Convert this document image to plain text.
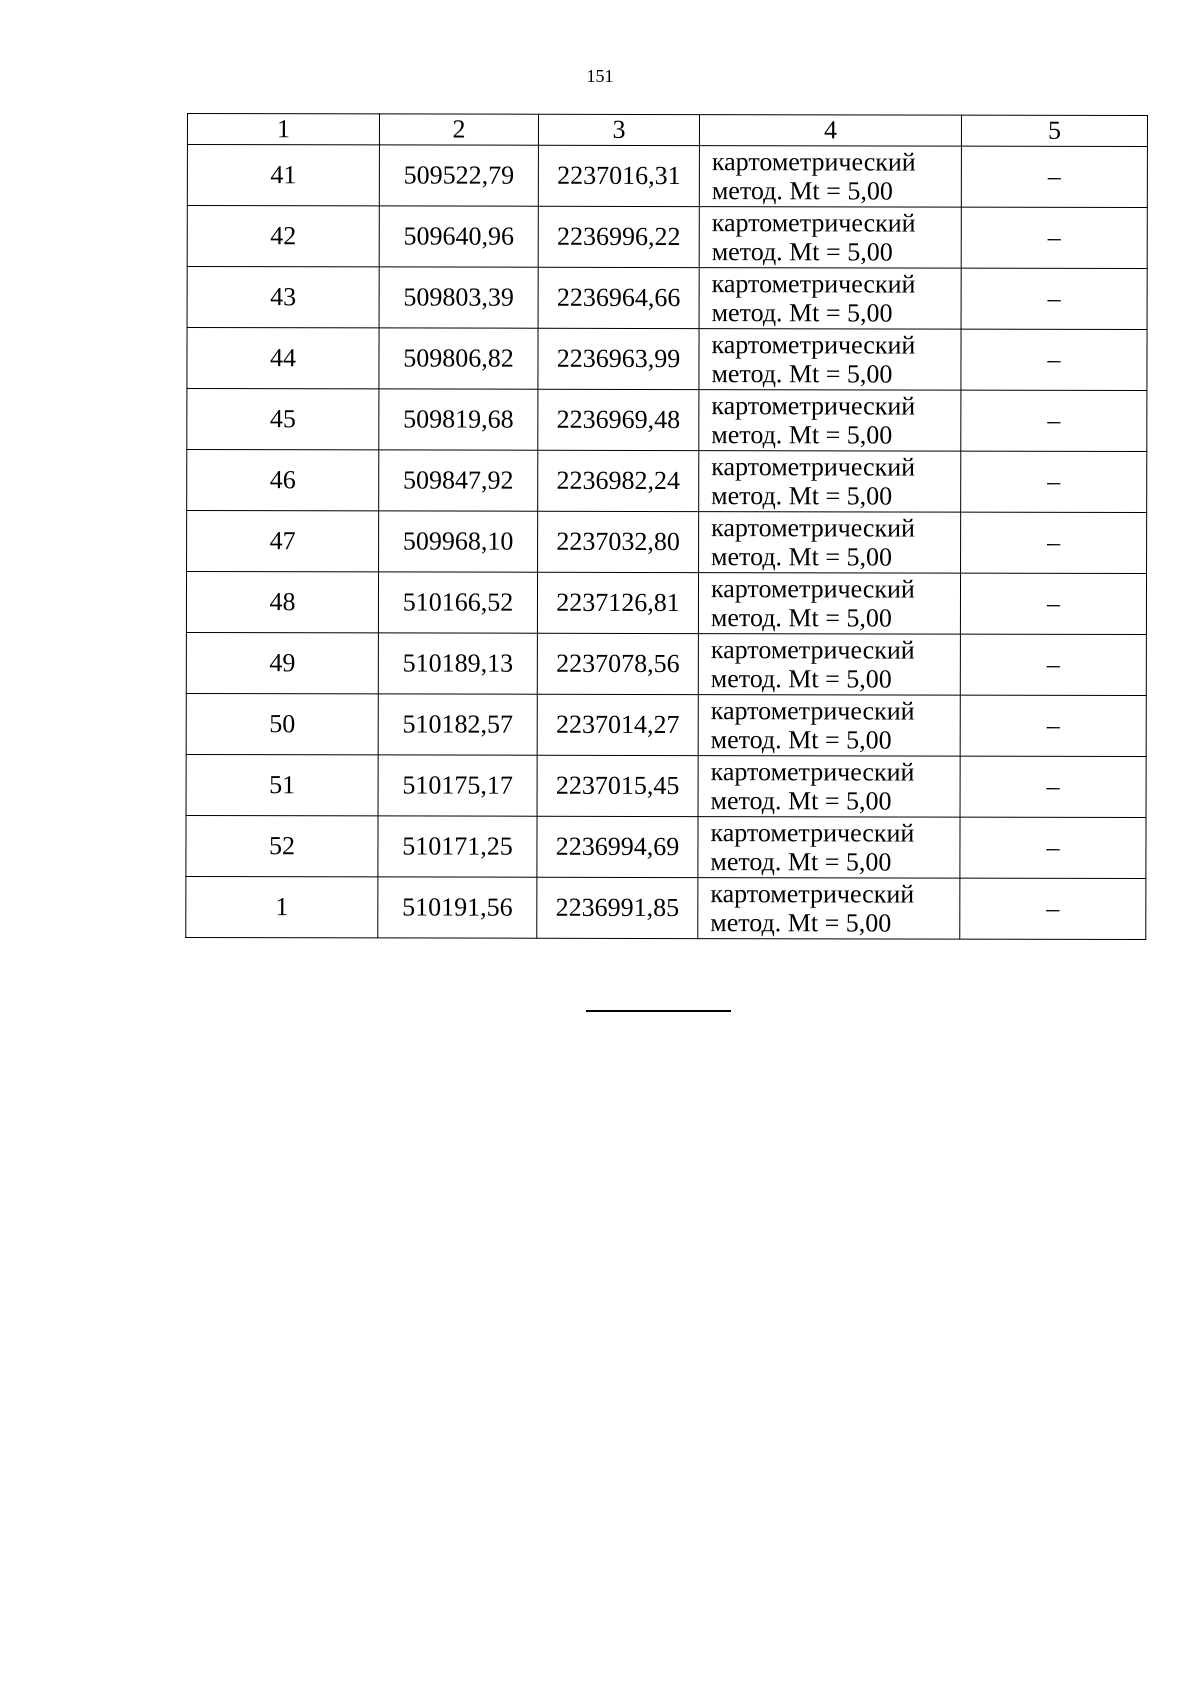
151
1	2	3	4	5
41	509522,79	2237016,31	картометрический
метод. Mt = 5,00	–
42	509640,96	2236996,22	картометрический
метод. Mt = 5,00	–
43	509803,39	2236964,66	картометрический
метод. Mt = 5,00	–
44	509806,82	2236963,99	картометрический
метод. Mt = 5,00	–
45	509819,68	2236969,48	картометрический
метод. Mt = 5,00	–
46	509847,92	2236982,24	картометрический
метод. Mt = 5,00	–
47	509968,10	2237032,80	картометрический
метод. Mt = 5,00	–
48	510166,52	2237126,81	картометрический
метод. Mt = 5,00	–
49	510189,13	2237078,56	картометрический
метод. Mt = 5,00	–
50	510182,57	2237014,27	картометрический
метод. Mt = 5,00	–
51	510175,17	2237015,45	картометрический
метод. Mt = 5,00	–
52	510171,25	2236994,69	картометрический
метод. Mt = 5,00	–
1	510191,56	2236991,85	картометрический
метод. Mt = 5,00	–
